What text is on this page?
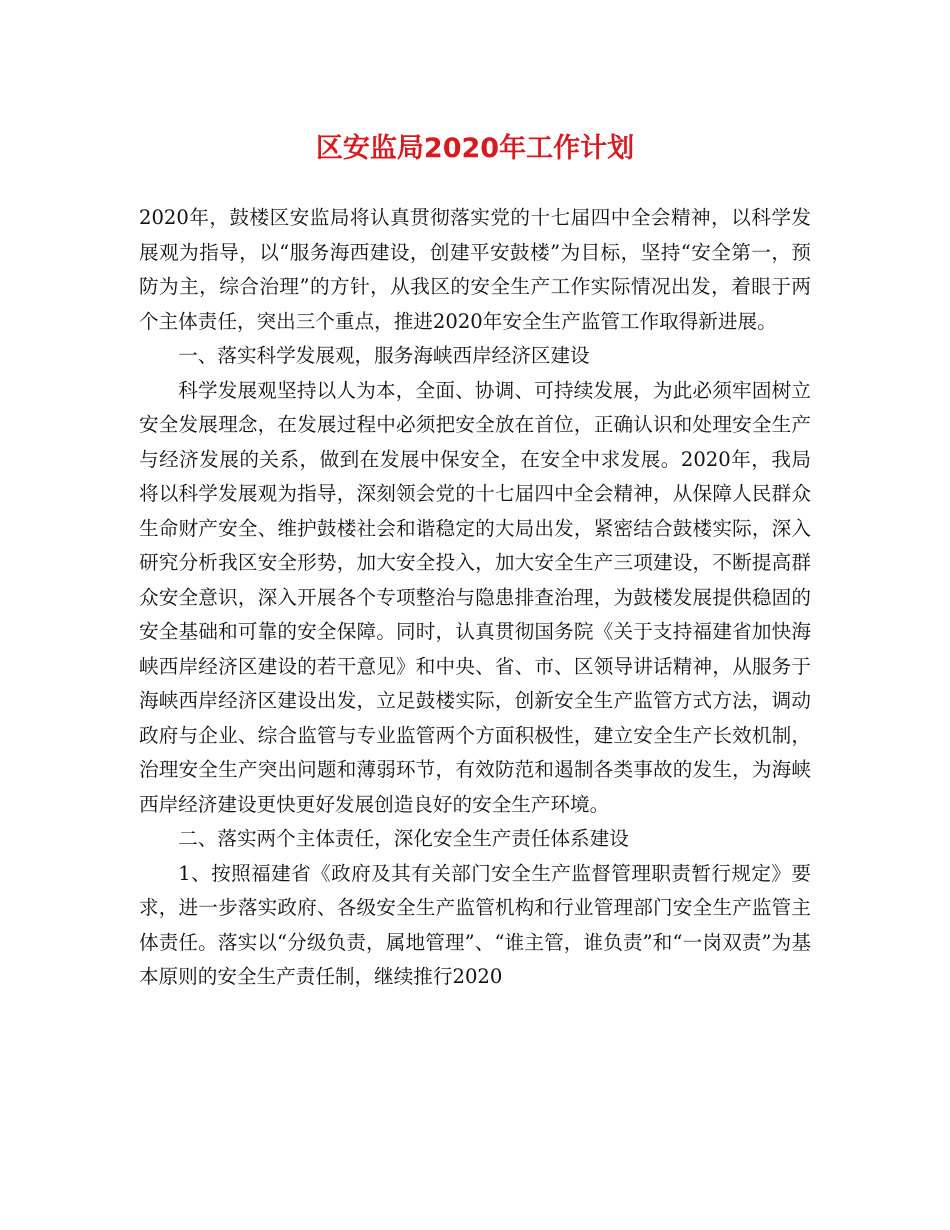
区安监局2020年工作计划

2020年，鼓楼区安监局将认真贯彻落实党的十七届四中全会精神，以科学发展观为指导，以“服务海西建设，创建平安鼓楼”为目标，坚持“安全第一，预防为主，综合治理”的方针，从我区的安全生产工作实际情况出发，着眼于两个主体责任，突出三个重点，推进2020年安全生产监管工作取得新进展。

一、落实科学发展观，服务海峡西岸经济区建设

科学发展观坚持以人为本，全面、协调、可持续发展，为此必须牢固树立安全发展理念，在发展过程中必须把安全放在首位，正确认识和处理安全生产与经济发展的关系，做到在发展中保安全，在安全中求发展。2020年，我局将以科学发展观为指导，深刻领会党的十七届四中全会精神，从保障人民群众生命财产安全、维护鼓楼社会和谐稳定的大局出发，紧密结合鼓楼实际，深入研究分析我区安全形势，加大安全投入，加大安全生产三项建设，不断提高群众安全意识，深入开展各个专项整治与隐患排查治理，为鼓楼发展提供稳固的安全基础和可靠的安全保障。同时，认真贯彻国务院《关于支持福建省加快海峡西岸经济区建设的若干意见》和中央、省、市、区领导讲话精神，从服务于海峡西岸经济区建设出发，立足鼓楼实际，创新安全生产监管方式方法，调动政府与企业、综合监管与专业监管两个方面积极性，建立安全生产长效机制，治理安全生产突出问题和薄弱环节，有效防范和遏制各类事故的发生，为海峡西岸经济建设更快更好发展创造良好的安全生产环境。

二、落实两个主体责任，深化安全生产责任体系建设

1、按照福建省《政府及其有关部门安全生产监督管理职责暂行规定》要求，进一步落实政府、各级安全生产监管机构和行业管理部门安全生产监管主体责任。落实以“分级负责，属地管理”、“谁主管，谁负责”和“一岗双责”为基本原则的安全生产责任制，继续推行2020
